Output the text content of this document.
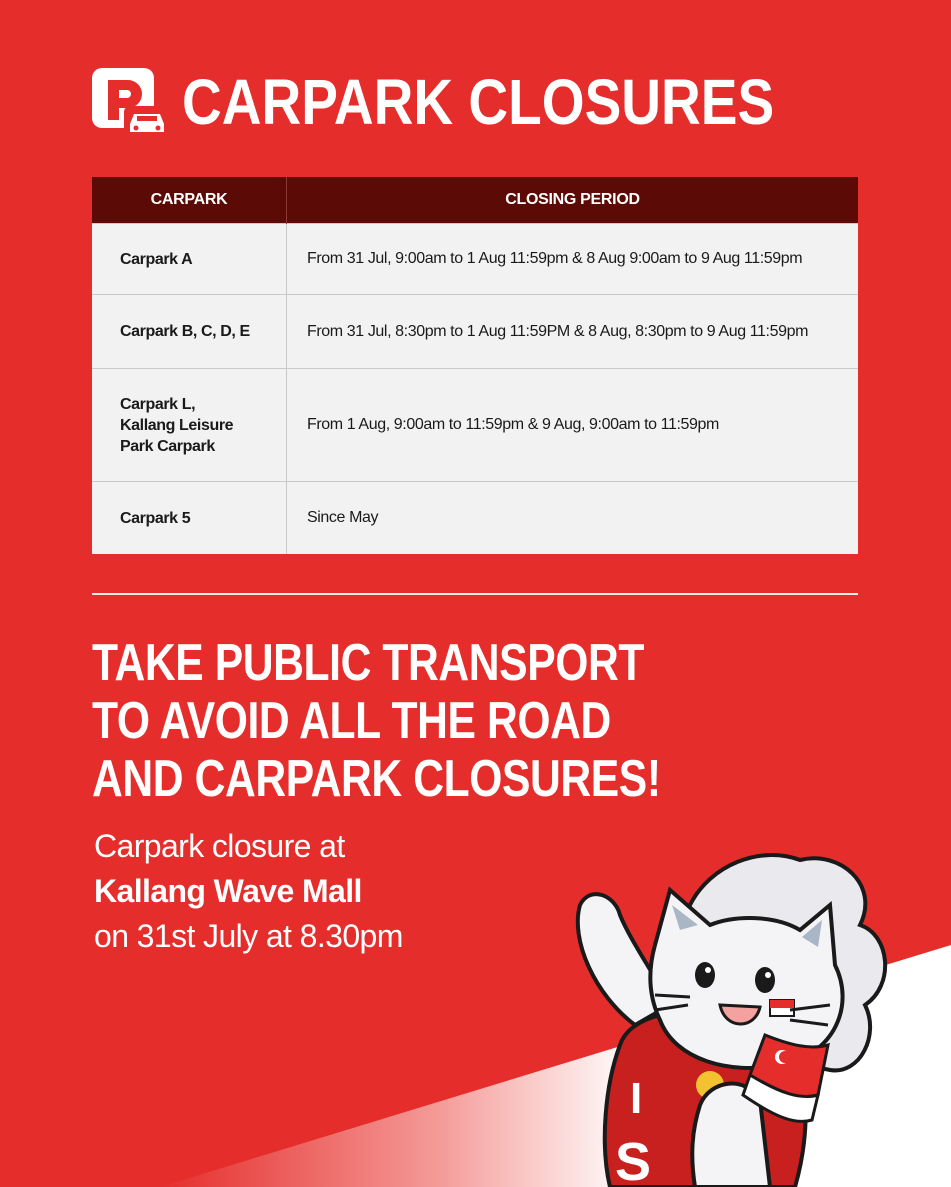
CARPARK CLOSURES
CARPARK	CLOSING PERIOD
Carpark A	From 31 Jul, 9:00am to 1 Aug 11:59pm & 8 Aug 9:00am to 9 Aug 11:59pm
Carpark B, C, D, E	From 31 Jul, 8:30pm to 1 Aug 11:59PM & 8 Aug, 8:30pm to 9 Aug 11:59pm

Carpark L,
Kallang Leisure
Park Carpark	From 1 Aug, 9:00am to 11:59pm & 9 Aug, 9:00am to 11:59pm
Carpark 5	Since May
TAKE PUBLIC TRANSPORT
TO AVOID ALL THE ROAD
AND CARPARK CLOSURES!
Carpark closure at
Kallang Wave Mall
on 31st July at 8.30pm
I
S
